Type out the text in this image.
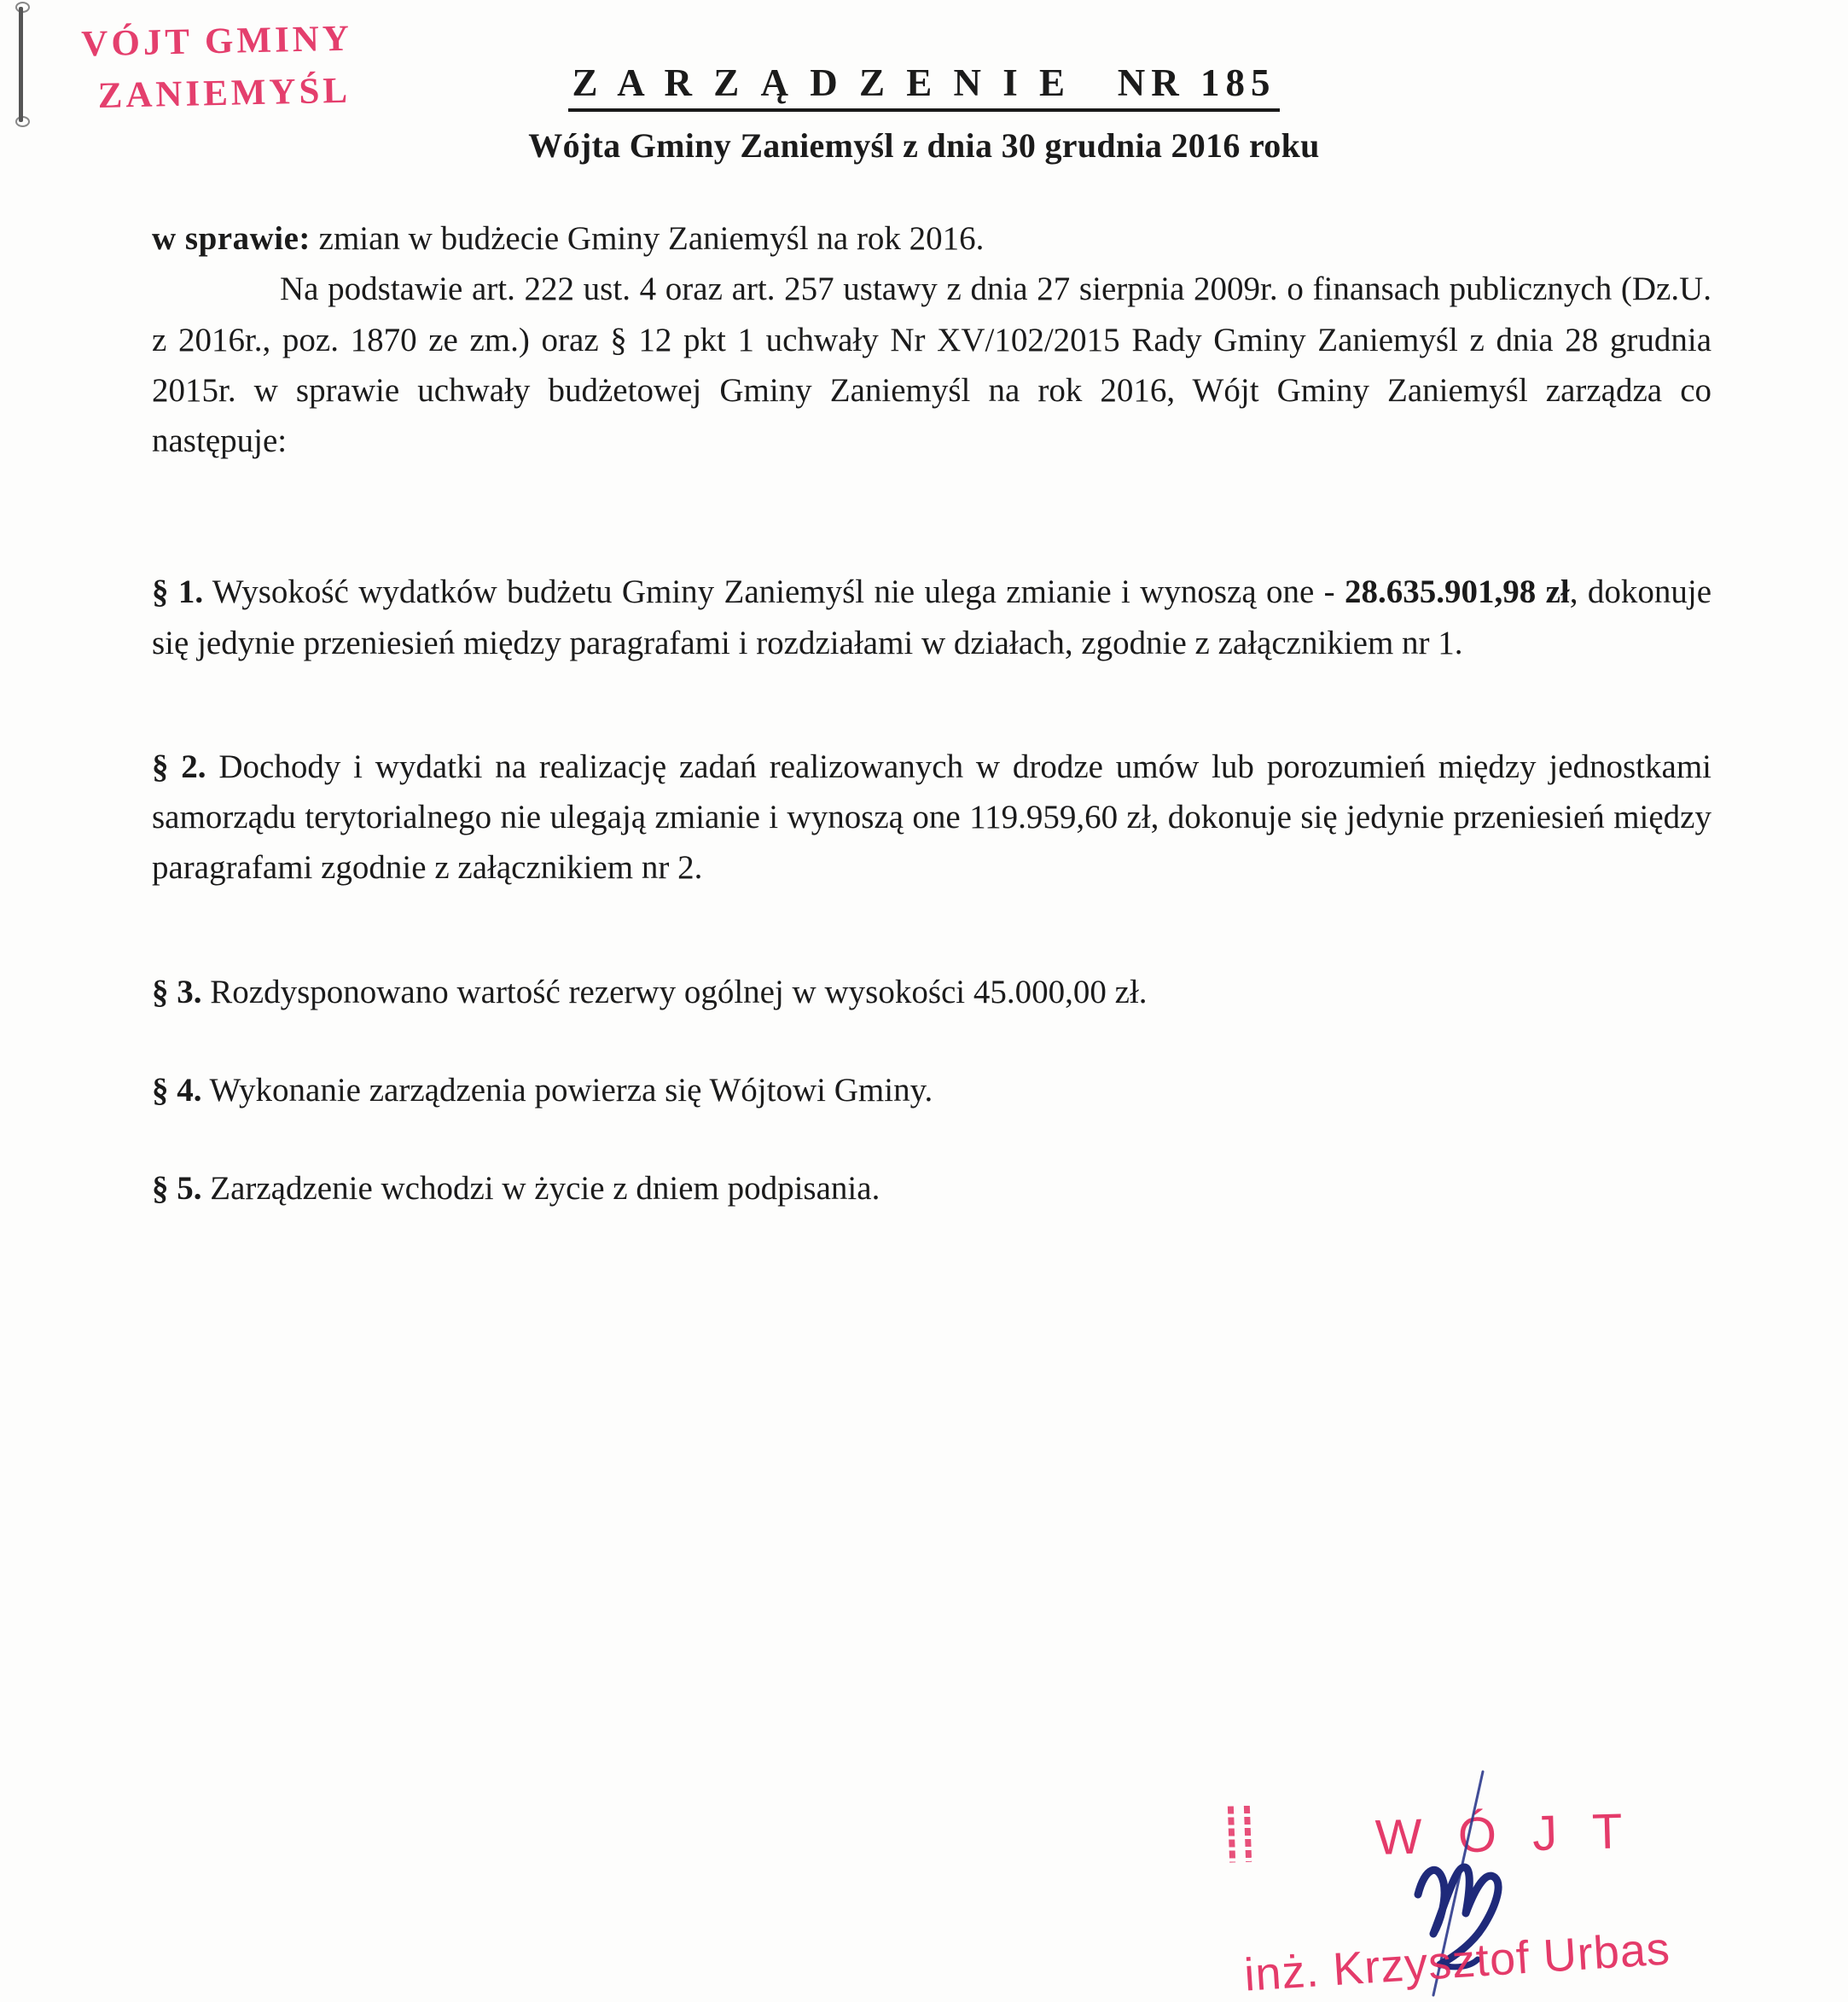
VÓJT GMINY
ZANIEMYŚL	Z A R Z Ą D Z E N I E   NR 185
Wójta Gminy Zaniemyśl z dnia 30 grudnia 2016 roku

w sprawie: zmian w budżecie Gminy Zaniemyśl na rok 2016.

Na podstawie art. 222 ust. 4 oraz art. 257 ustawy z dnia 27 sierpnia 2009r. o finansach publicznych (Dz.U. z 2016r., poz. 1870 ze zm.) oraz § 12 pkt 1 uchwały Nr XV/102/2015 Rady Gminy Zaniemyśl z dnia 28 grudnia 2015r. w sprawie uchwały budżetowej Gminy Zaniemyśl na rok 2016, Wójt Gminy Zaniemyśl zarządza co następuje:

§ 1. Wysokość wydatków budżetu Gminy Zaniemyśl nie ulega zmianie i wynoszą one - 28.635.901,98 zł, dokonuje się jedynie przeniesień między paragrafami i rozdziałami w działach, zgodnie z załącznikiem nr 1.

§ 2. Dochody i wydatki na realizację zadań realizowanych w drodze umów lub porozumień między jednostkami samorządu terytorialnego nie ulegają zmianie i wynoszą one 119.959,60 zł, dokonuje się jedynie przeniesień między paragrafami zgodnie z załącznikiem nr 2.

§ 3. Rozdysponowano wartość rezerwy ogólnej w wysokości 45.000,00 zł.

§ 4. Wykonanie zarządzenia powierza się Wójtowi Gminy.

§ 5. Zarządzenie wchodzi w życie z dniem podpisania.

W Ó J T
inż. Krzysztof Urbas
